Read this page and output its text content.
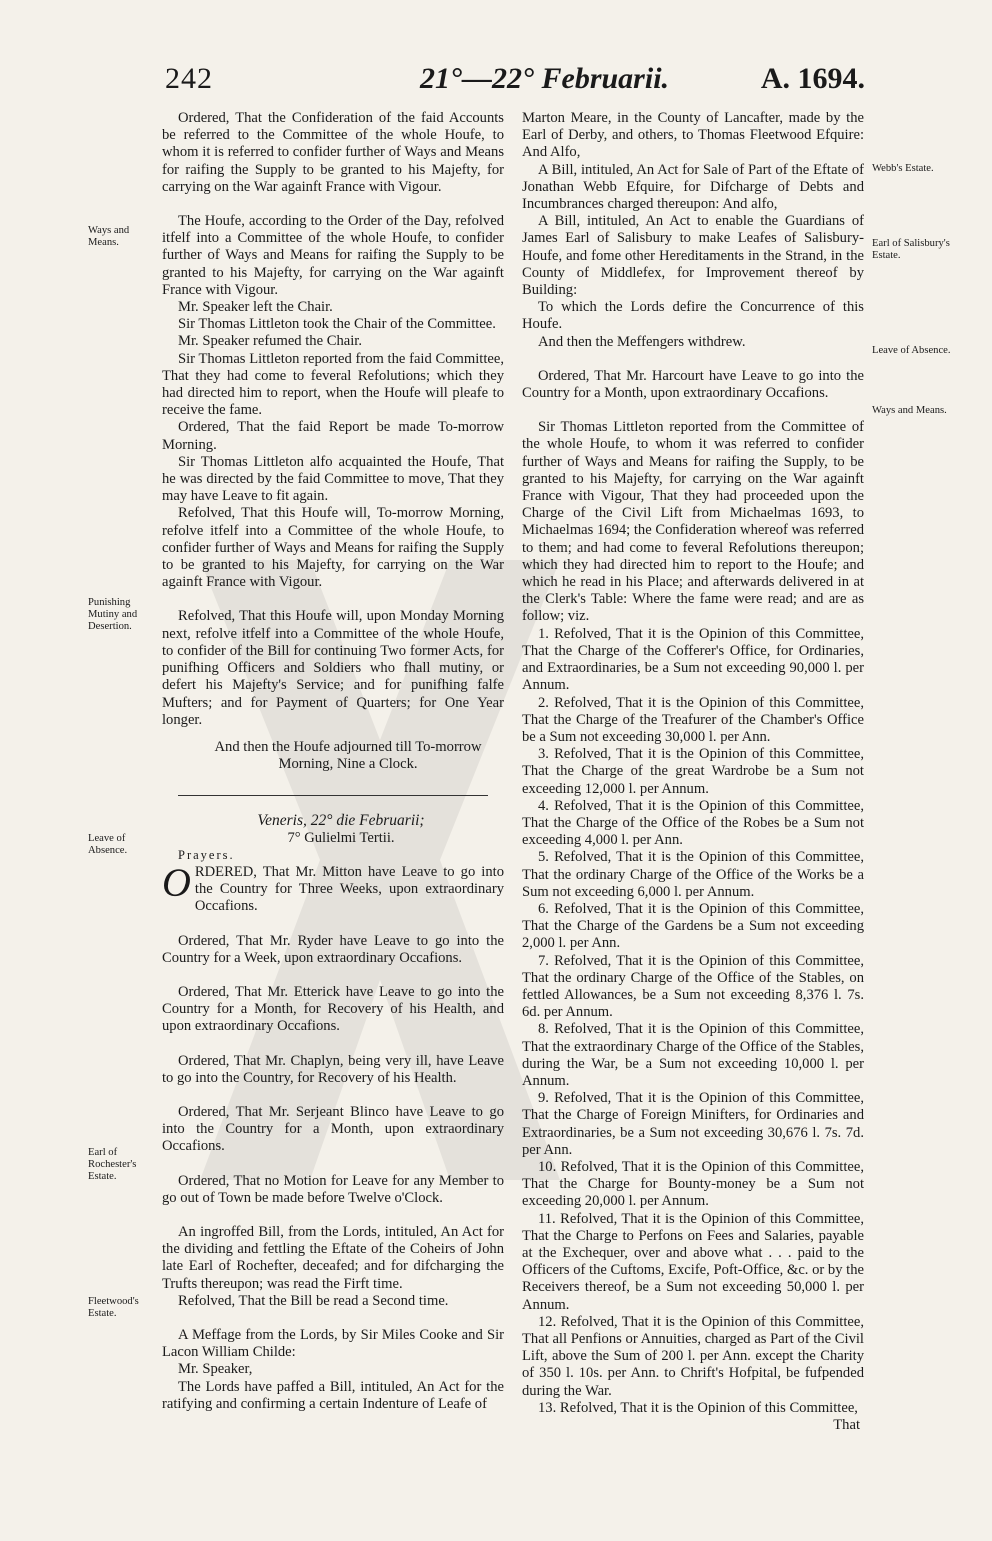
242	21°—22° Februarii.	A. 1694.
Ways and Means.
Punishing Mutiny and Desertion.
Leave of Absence.
Earl of Rochester's Estate.
Fleetwood's Estate.
Webb's Estate.
Earl of Salisbury's Estate.
Leave of Absence.
Ways and Means.

Ordered, That the Confideration of the faid Accounts be referred to the Committee of the whole Houfe, to whom it is referred to confider further of Ways and Means for raifing the Supply to be granted to his Majefty, for carrying on the War againft France with Vigour.

The Houfe, according to the Order of the Day, refolved itfelf into a Committee of the whole Houfe, to confider further of Ways and Means for raifing the Supply to be granted to his Majefty, for carrying on the War againft France with Vigour.

Mr. Speaker left the Chair.

Sir Thomas Littleton took the Chair of the Committee.

Mr. Speaker refumed the Chair.

Sir Thomas Littleton reported from the faid Committee, That they had come to feveral Refolutions; which they had directed him to report, when the Houfe will pleafe to receive the fame.

Ordered, That the faid Report be made To-morrow Morning.

Sir Thomas Littleton alfo acquainted the Houfe, That he was directed by the faid Committee to move, That they may have Leave to fit again.

Refolved, That this Houfe will, To-morrow Morning, refolve itfelf into a Committee of the whole Houfe, to confider further of Ways and Means for raifing the Supply to be granted to his Majefty, for carrying on the War againft France with Vigour.

Refolved, That this Houfe will, upon Monday Morning next, refolve itfelf into a Committee of the whole Houfe, to confider of the Bill for continuing Two former Acts, for punifhing Officers and Soldiers who fhall mutiny, or defert his Majefty's Service; and for punifhing falfe Mufters; and for Payment of Quarters; for One Year longer.

And then the Houfe adjourned till To-morrow Morning, Nine a Clock.

Veneris, 22° die Februarii;

7° Gulielmi Tertii.

Prayers.

ORDERED, That Mr. Mitton have Leave to go into the Country for Three Weeks, upon extraordinary Occafions.

Ordered, That Mr. Ryder have Leave to go into the Country for a Week, upon extraordinary Occafions.

Ordered, That Mr. Etterick have Leave to go into the Country for a Month, for Recovery of his Health, and upon extraordinary Occafions.

Ordered, That Mr. Chaplyn, being very ill, have Leave to go into the Country, for Recovery of his Health.

Ordered, That Mr. Serjeant Blinco have Leave to go into the Country for a Month, upon extraordinary Occafions.

Ordered, That no Motion for Leave for any Member to go out of Town be made before Twelve o'Clock.

An ingroffed Bill, from the Lords, intituled, An Act for the dividing and fettling the Eftate of the Coheirs of John late Earl of Rochefter, deceafed; and for difcharging the Trufts thereupon; was read the Firft time.

Refolved, That the Bill be read a Second time.

A Meffage from the Lords, by Sir Miles Cooke and Sir Lacon William Childe:

Mr. Speaker,

The Lords have paffed a Bill, intituled, An Act for the ratifying and confirming a certain Indenture of Leafe of

Marton Meare, in the County of Lancafter, made by the Earl of Derby, and others, to Thomas Fleetwood Efquire: And Alfo,

A Bill, intituled, An Act for Sale of Part of the Eftate of Jonathan Webb Efquire, for Difcharge of Debts and Incumbrances charged thereupon: And alfo,

A Bill, intituled, An Act to enable the Guardians of James Earl of Salisbury to make Leafes of Salisbury-Houfe, and fome other Hereditaments in the Strand, in the County of Middlefex, for Improvement thereof by Building:

To which the Lords defire the Concurrence of this Houfe.

And then the Meffengers withdrew.

Ordered, That Mr. Harcourt have Leave to go into the Country for a Month, upon extraordinary Occafions.

Sir Thomas Littleton reported from the Committee of the whole Houfe, to whom it was referred to confider further of Ways and Means for raifing the Supply, to be granted to his Majefty, for carrying on the War againft France with Vigour, That they had proceeded upon the Charge of the Civil Lift from Michaelmas 1693, to Michaelmas 1694; the Confideration whereof was referred to them; and had come to feveral Refolutions thereupon; which they had directed him to report to the Houfe; and which he read in his Place; and afterwards delivered in at the Clerk's Table: Where the fame were read; and are as follow; viz.

1. Refolved, That it is the Opinion of this Committee, That the Charge of the Cofferer's Office, for Ordinaries, and Extraordinaries, be a Sum not exceeding 90,000 l. per Annum.

2. Refolved, That it is the Opinion of this Committee, That the Charge of the Treafurer of the Chamber's Office be a Sum not exceeding 30,000 l. per Ann.

3. Refolved, That it is the Opinion of this Committee, That the Charge of the great Wardrobe be a Sum not exceeding 12,000 l. per Annum.

4. Refolved, That it is the Opinion of this Committee, That the Charge of the Office of the Robes be a Sum not exceeding 4,000 l. per Ann.

5. Refolved, That it is the Opinion of this Committee, That the ordinary Charge of the Office of the Works be a Sum not exceeding 6,000 l. per Annum.

6. Refolved, That it is the Opinion of this Committee, That the Charge of the Gardens be a Sum not exceeding 2,000 l. per Ann.

7. Refolved, That it is the Opinion of this Committee, That the ordinary Charge of the Office of the Stables, on fettled Allowances, be a Sum not exceeding 8,376 l. 7s. 6d. per Annum.

8. Refolved, That it is the Opinion of this Committee, That the extraordinary Charge of the Office of the Stables, during the War, be a Sum not exceeding 10,000 l. per Annum.

9. Refolved, That it is the Opinion of this Committee, That the Charge of Foreign Minifters, for Ordinaries and Extraordinaries, be a Sum not exceeding 30,676 l. 7s. 7d. per Ann.

10. Refolved, That it is the Opinion of this Committee, That the Charge for Bounty-money be a Sum not exceeding 20,000 l. per Annum.

11. Refolved, That it is the Opinion of this Committee, That the Charge to Perfons on Fees and Salaries, payable at the Exchequer, over and above what . . . paid to the Officers of the Cuftoms, Excife, Poft-Office, &c. or by the Receivers thereof, be a Sum not exceeding 50,000 l. per Annum.

12. Refolved, That it is the Opinion of this Committee, That all Penfions or Annuities, charged as Part of the Civil Lift, above the Sum of 200 l. per Ann. except the Charity of 350 l. 10s. per Ann. to Chrift's Hofpital, be fufpended during the War.

13. Refolved, That it is the Opinion of this Committee,

That
